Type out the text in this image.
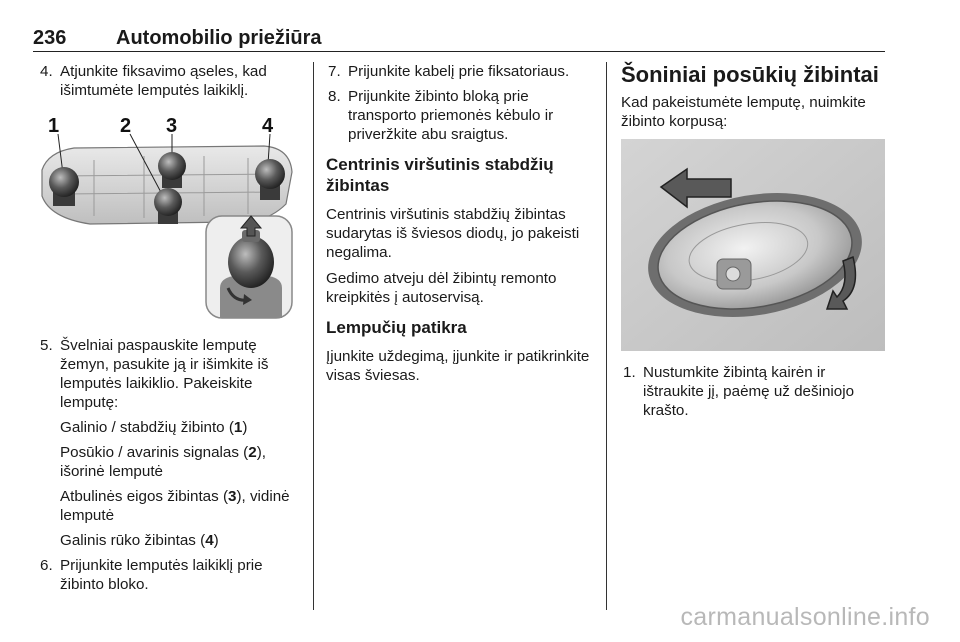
236 Automobilio priežiūra
4. Atjunkite fiksavimo ąseles, kad išimtumėte lemputės laikiklį.
1	2 3	4
5. Švelniai paspauskite lemputę žemyn, pasukite ją ir išimkite iš lemputės laikiklio. Pakeiskite lemputę:
Galinio / stabdžių žibinto (1)
Posūkio / avarinis signalas (2), išorinė lemputė
Atbulinės eigos žibintas (3), vidinė lemputė
Galinis rūko žibintas (4)
6. Prijunkite lemputės laikiklį prie žibinto bloko.
7. Prijunkite kabelį prie fiksatoriaus.
8. Prijunkite žibinto bloką prie transporto priemonės kėbulo ir priveržkite abu sraigtus.
Centrinis viršutinis stabdžių žibintas
Centrinis viršutinis stabdžių žibintas sudarytas iš šviesos diodų, jo pakeisti negalima.
Gedimo atveju dėl žibintų remonto kreipkitės į autoservisą.
Lempučių patikra
Įjunkite uždegimą, įjunkite ir patikrinkite visas šviesas.
Šoniniai posūkių žibintai
Kad pakeistumėte lemputę, nuimkite žibinto korpusą:
1. Nustumkite žibintą kairėn ir ištraukite jį, paėmę už dešiniojo krašto.
carmanualsonline.info
